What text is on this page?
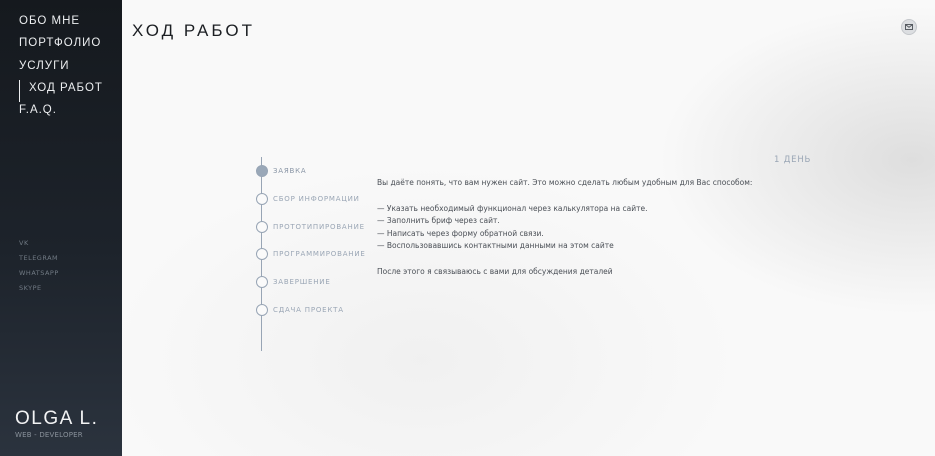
ОБО МНЕ
ПОРТФОЛИО
УСЛУГИ
ХОД РАБОТ
F.A.Q.
VK
TELEGRAM
WHATSAPP
SKYPE
OLGA L.
WEB - DEVELOPER
ХОД РАБОТ
ЗАЯВКА
СБОР ИНФОРМАЦИИ
ПРОТОТИПИРОВАНИЕ
ПРОГРАММИРОВАНИЕ
ЗАВЕРШЕНИЕ
СДАЧА ПРОЕКТА
1 ДЕНЬ

Вы даёте понять, что вам нужен сайт. Это можно сделать любым удобным для Вас способом:

— Указать необходимый функционал через калькулятора на сайте.

— Заполнить бриф через сайт.

— Написать через форму обратной связи.

— Воспользовавшись контактными данными на этом сайте

После этого я связываюсь с вами для обсуждения деталей
